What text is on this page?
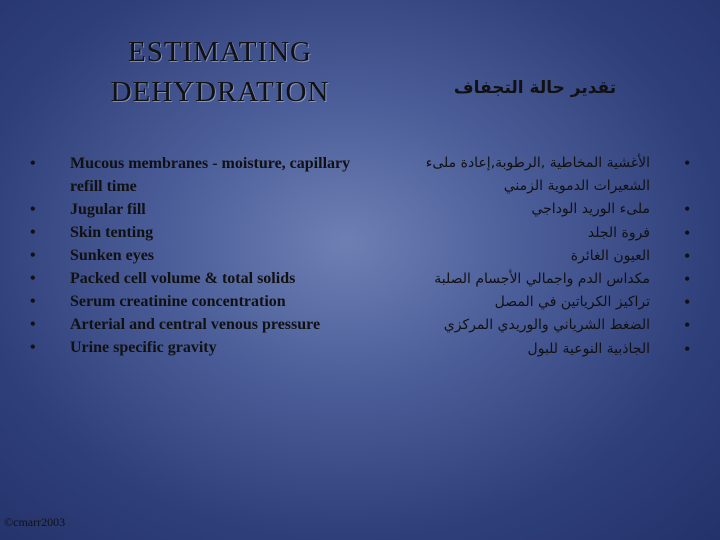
ESTIMATING DEHYDRATION	تقدير حالة التجفاف
• Mucous membranes - moisture, capillary refill time
• Jugular fill
• Skin tenting
• Sunken eyes
• Packed cell volume & total solids
• Serum creatinine concentration
• Arterial and central venous pressure
• Urine specific gravity
•
الأغشية المخاطية ,الرطوبة,إعادة ملىء الشعيرات الدموية الزمني
•
ملىء الوريد الوداجي
•
فروة الجلد
•
العيون الغائرة
•
مكداس الدم واجمالي الأجسام الصلبة
•
تراكيز الكرياتين في المصل
•
الضغط الشرياني والوريدي المركزي
•
الجاذبية النوعية للبول
©cmarr2003
